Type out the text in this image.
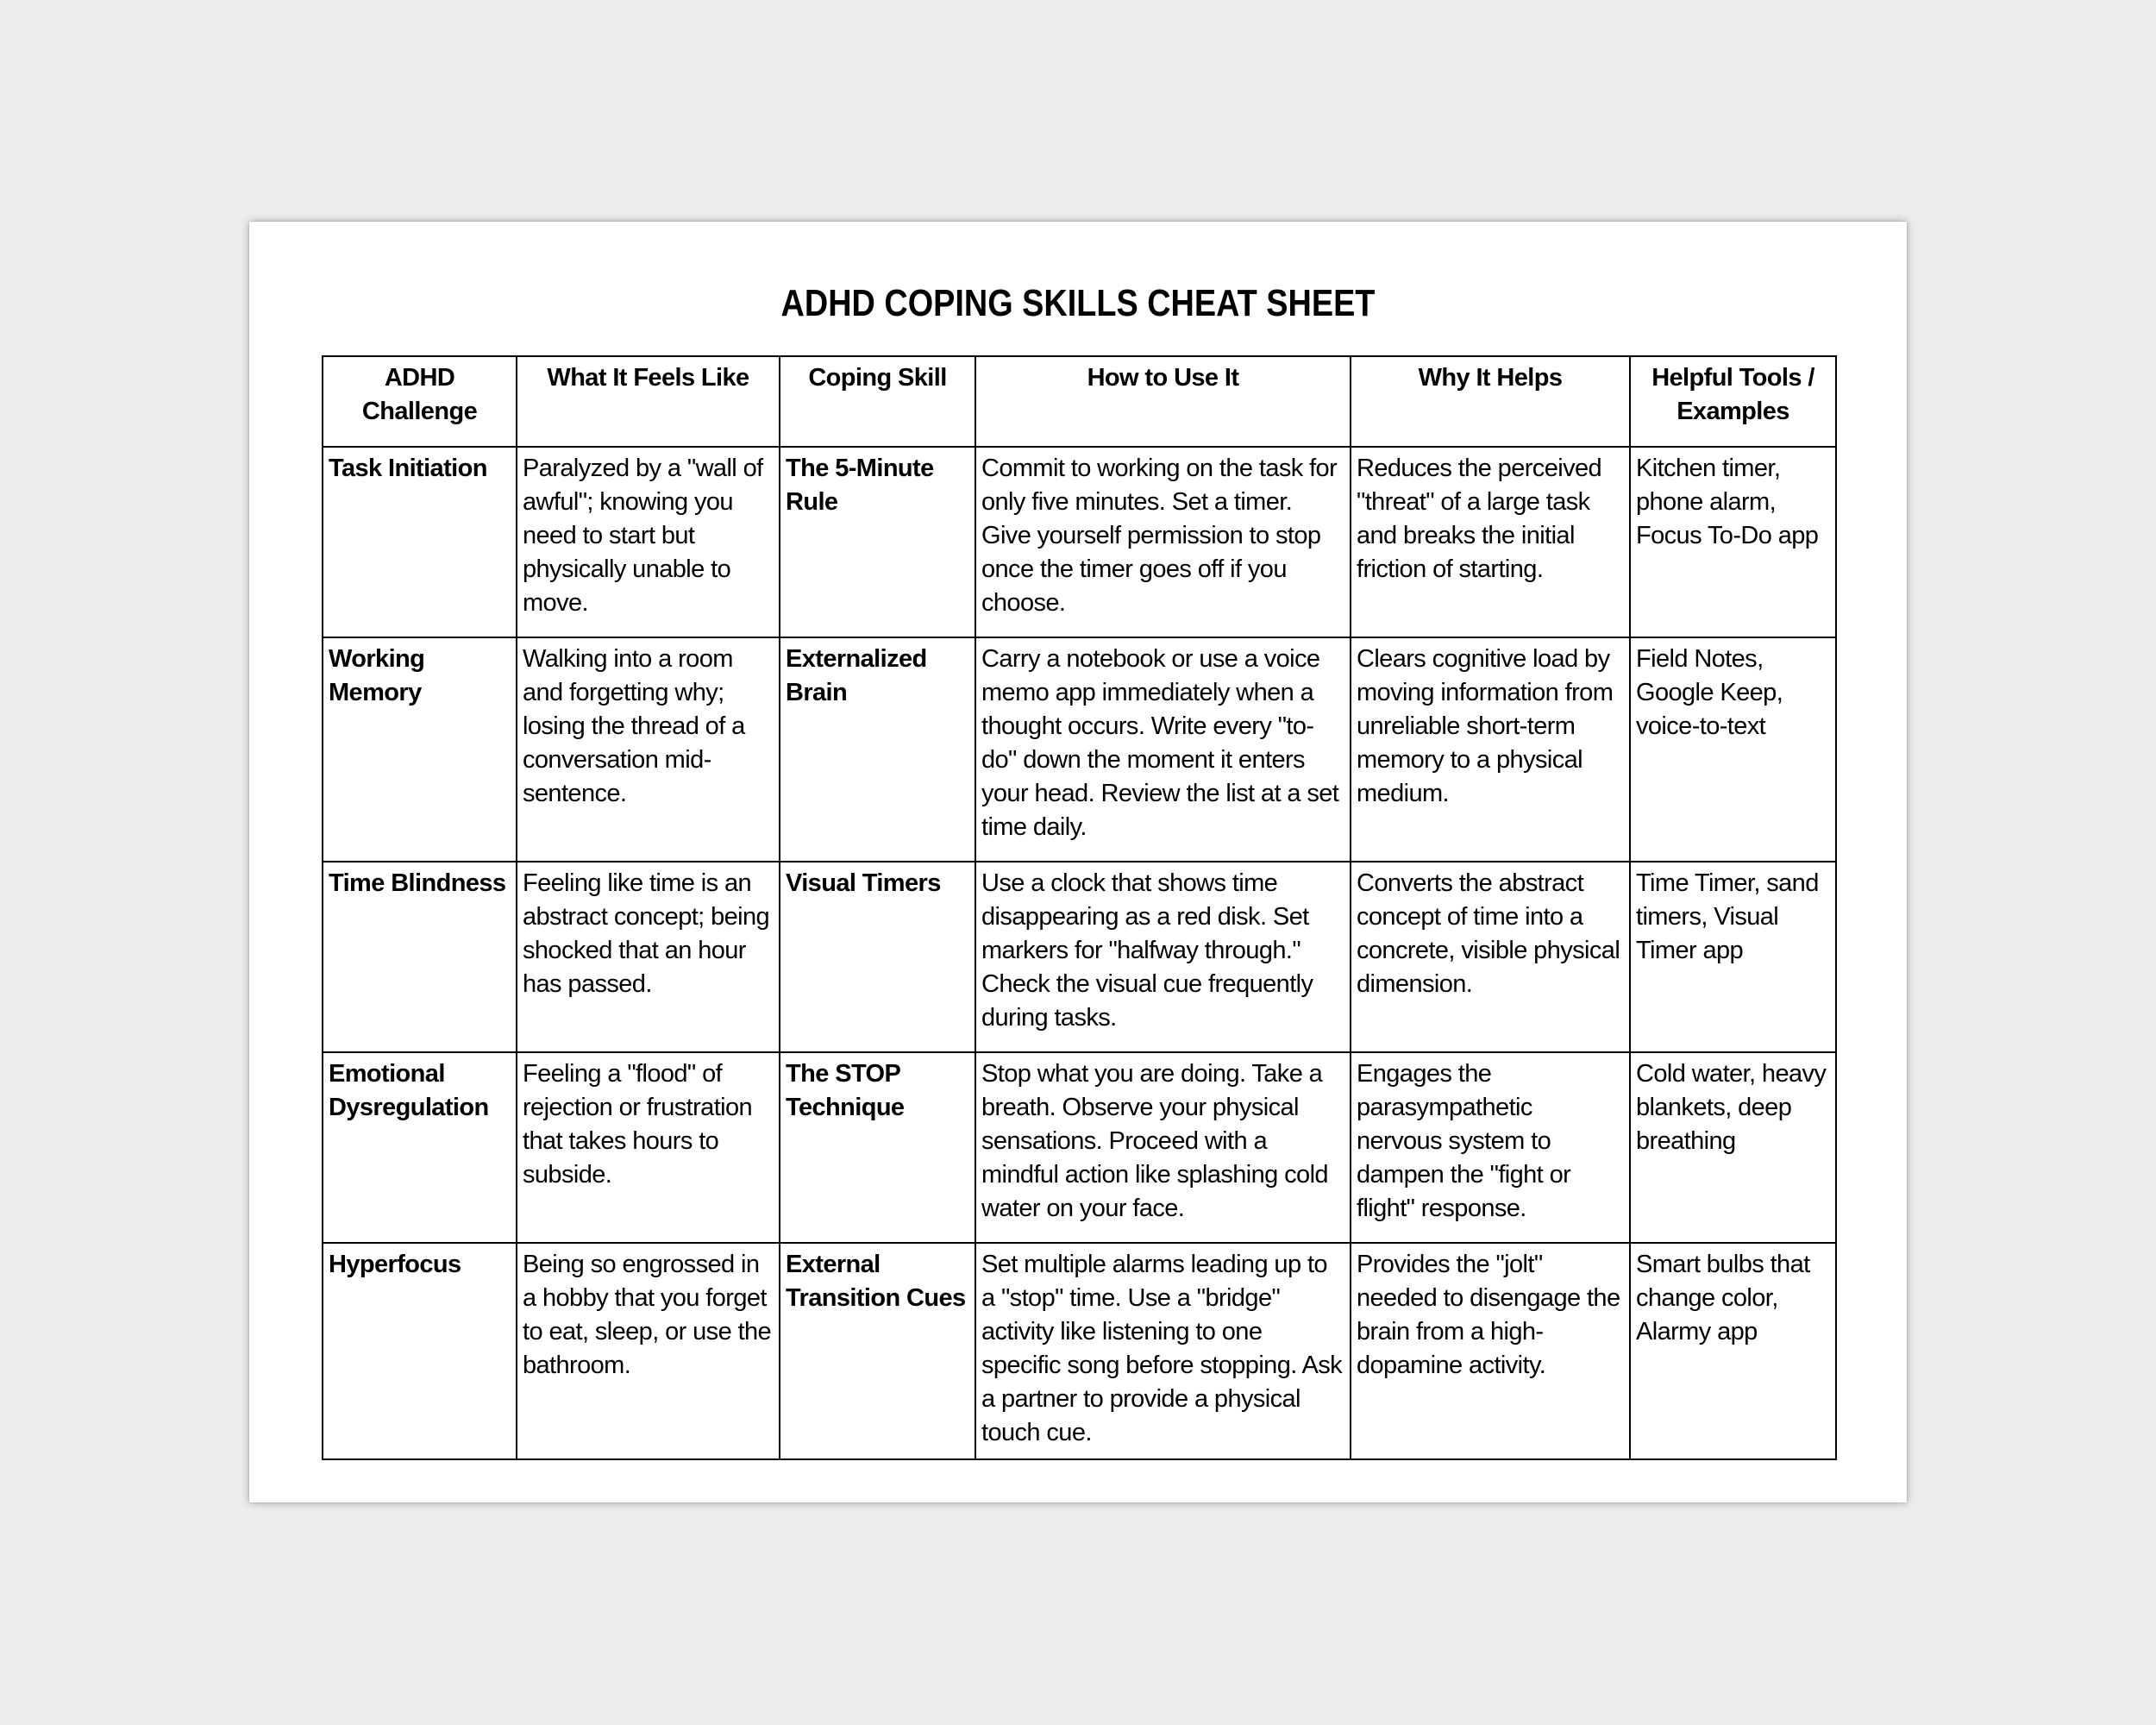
ADHD COPING SKILLS CHEAT SHEET
ADHD Challenge	What It Feels Like	Coping Skill	How to Use It	Why It Helps	Helpful Tools / Examples
Task Initiation	Paralyzed by a "wall of awful"; knowing you need to start but physically unable to move.	The 5-Minute Rule	Commit to working on the task for only five minutes. Set a timer. Give yourself permission to stop once the timer goes off if you choose.	Reduces the perceived "threat" of a large task and breaks the initial friction of starting.	Kitchen timer, phone alarm, Focus To-Do app
Working Memory	Walking into a room and forgetting why; losing the thread of a conversation mid-sentence.	Externalized Brain	Carry a notebook or use a voice memo app immediately when a thought occurs. Write every "to-do" down the moment it enters your head. Review the list at a set time daily.	Clears cognitive load by moving information from unreliable short-term memory to a physical medium.	Field Notes, Google Keep, voice-to-text
Time Blindness	Feeling like time is an abstract concept; being shocked that an hour has passed.	Visual Timers	Use a clock that shows time disappearing as a red disk. Set markers for "halfway through." Check the visual cue frequently during tasks.	Converts the abstract concept of time into a concrete, visible physical dimension.	Time Timer, sand timers, Visual Timer app
Emotional Dysregulation	Feeling a "flood" of rejection or frustration that takes hours to subside.	The STOP Technique	Stop what you are doing. Take a breath. Observe your physical sensations. Proceed with a mindful action like splashing cold water on your face.	Engages the parasympathetic nervous system to dampen the "fight or flight" response.	Cold water, heavy blankets, deep breathing
Hyperfocus	Being so engrossed in a hobby that you forget to eat, sleep, or use the bathroom.	External Transition Cues	Set multiple alarms leading up to a "stop" time. Use a "bridge" activity like listening to one specific song before stopping. Ask a partner to provide a physical touch cue.	Provides the "jolt" needed to disengage the brain from a high-dopamine activity.	Smart bulbs that change color, Alarmy app
